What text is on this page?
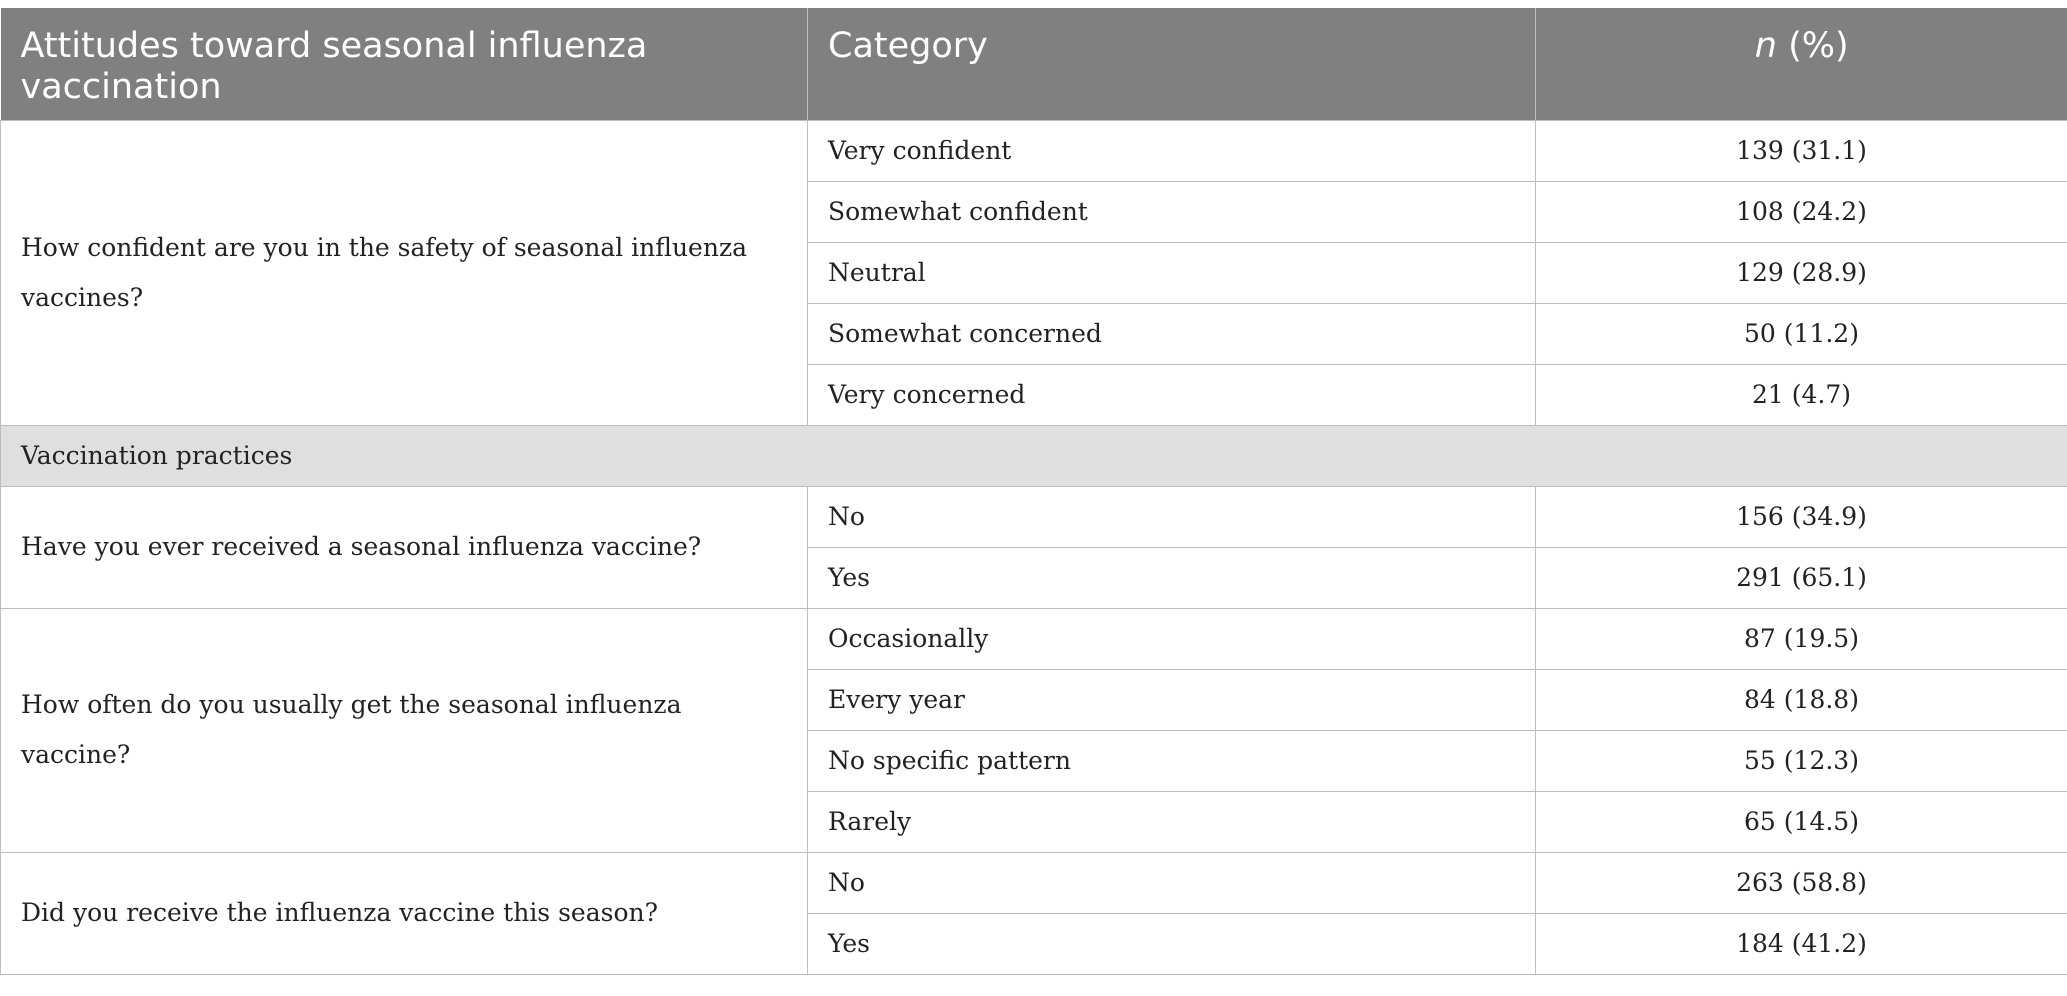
Attitudes toward seasonal influenza vaccination	Category	n (%)
How confident are you in the safety of seasonal influenza vaccines?	Very confident	139 (31.1)
	Somewhat confident	108 (24.2)
	Neutral	129 (28.9)
	Somewhat concerned	50 (11.2)
	Very concerned	21 (4.7)
Vaccination practices		
Have you ever received a seasonal influenza vaccine?	No	156 (34.9)
	Yes	291 (65.1)
How often do you usually get the seasonal influenza vaccine?	Occasionally	87 (19.5)
	Every year	84 (18.8)
	No specific pattern	55 (12.3)
	Rarely	65 (14.5)
Did you receive the influenza vaccine this season?	No	263 (58.8)
	Yes	184 (41.2)
